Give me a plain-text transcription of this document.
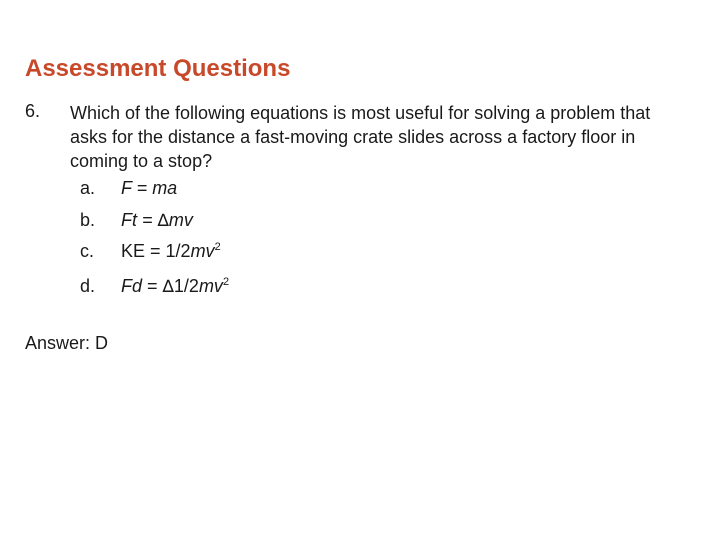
Assessment Questions
6. Which of the following equations is most useful for solving a problem that asks for the distance a fast-moving crate slides across a factory floor in coming to a stop?
a. F = ma
b. Ft = ∆mv
c. KE = $1/2mv^2$
d. $Fd = \Delta 1/2mv^2$
Answer: D
